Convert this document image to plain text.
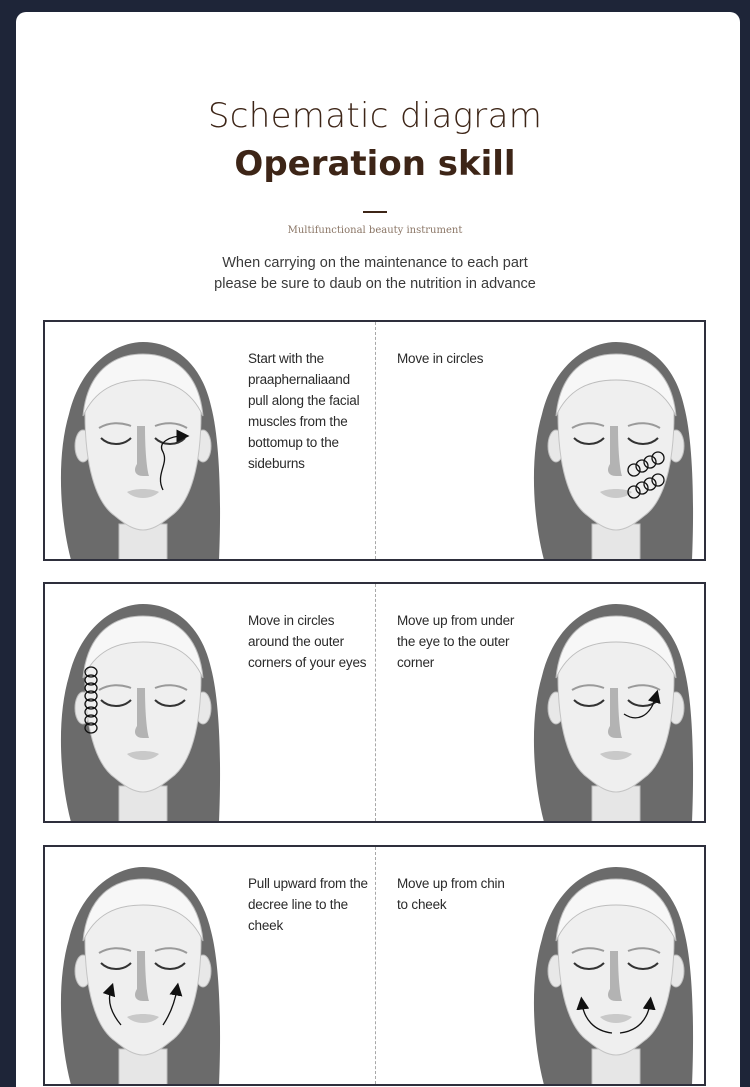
Schematic diagram
Operation skill
Multifunctional beauty instrument
When carrying on the maintenance to each part
please be sure to daub on the nutrition in advance
Start with the praaphernaliaand pull along the facial muscles from the bottomup to the sideburns
Move in circles
Move in circles around the outer corners of your eyes
Move up from under the eye to the outer corner
Pull upward from the decree line to the cheek
Move up from chin to cheek
